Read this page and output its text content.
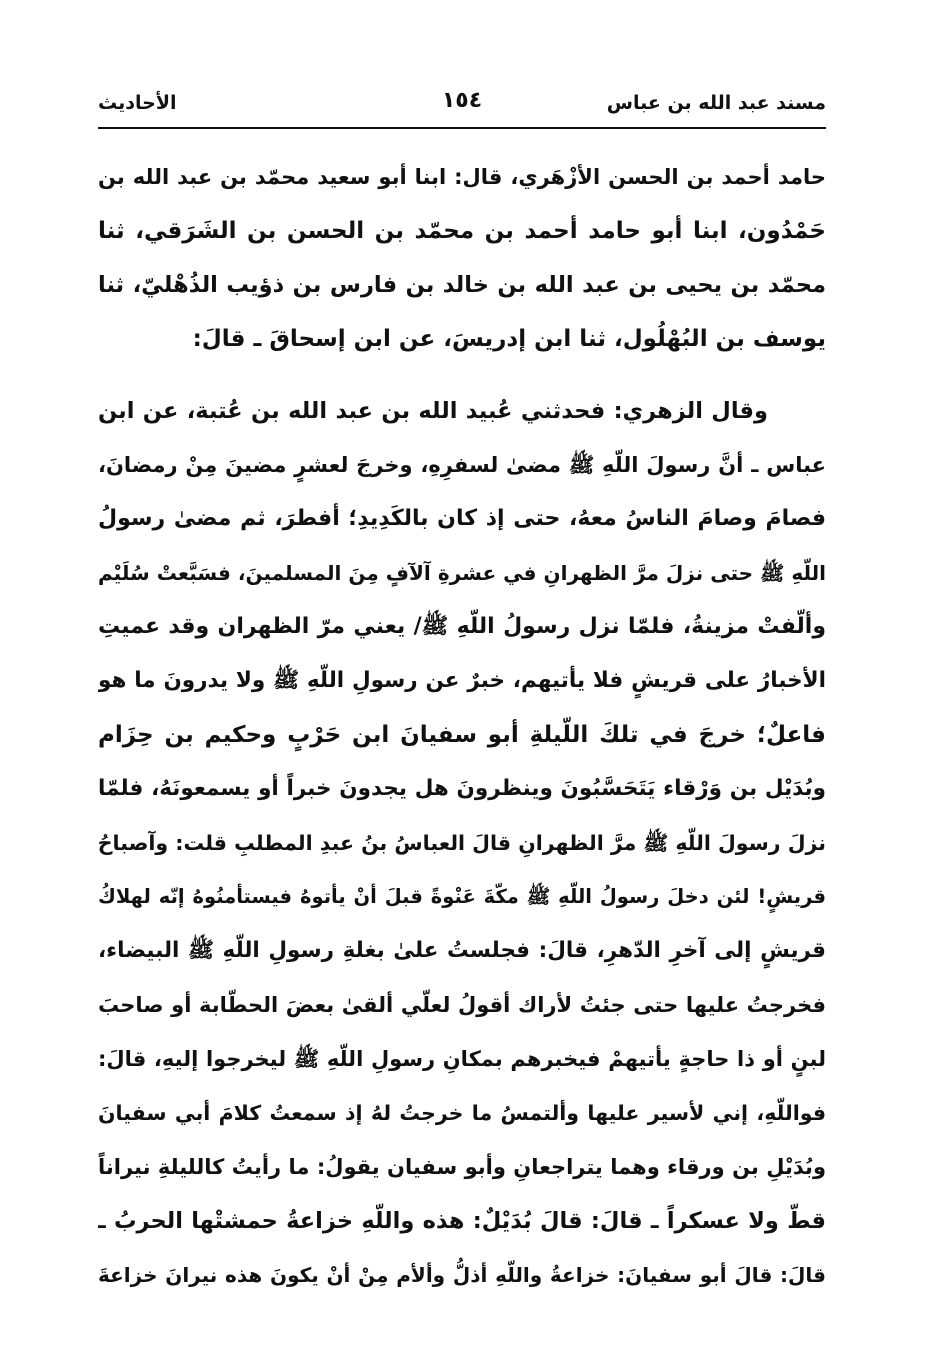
مسند عبد الله بن عباس
١٥٤
الأحاديث
حامد أحمد بن الحسن الأزْهَري، قال: ابنا أبو سعيد محمّد بن عبد الله بن
حَمْدُون، ابنا أبو حامد أحمد بن محمّد بن الحسن بن الشَرَقي، ثنا
محمّد بن يحيى بن عبد الله بن خالد بن فارس بن ذؤيب الذُهْليّ، ثنا
يوسف بن البُهْلُول، ثنا ابن إدريسَ، عن ابن إسحاقَ ـ قالَ:
وقال الزهري: فحدثني عُبيد الله بن عبد الله بن عُتبة، عن ابن
عباس ـ أنَّ رسولَ اللّهِ ﷺ مضىٰ لسفرِهِ، وخرجَ لعشرٍ مضينَ مِنْ رمضانَ،
فصامَ وصامَ الناسُ معهُ، حتى إذ كان بالكَدِيدِ؛ أفطرَ، ثم مضىٰ رسولُ
اللّهِ ﷺ حتى نزلَ مرَّ الظهرانِ في عشرةِ آلآفٍ مِنَ المسلمينَ، فسَبَّعتْ سُلَيْم
وألّفتْ مزينةُ، فلمّا نزل رسولُ اللّهِ ﷺ/ يعني مرّ الظهران وقد عميتِ
الأخبارُ على قريشٍ فلا يأتيهم، خبرٌ عن رسولِ اللّهِ ﷺ ولا يدرونَ ما هو
فاعلٌ؛ خرجَ في تلكَ اللّيلةِ أبو سفيانَ ابن حَرْبٍ وحكيم بن حِزَام
وبُدَيْل بن وَرْقاء يَتَحَسَّبُونَ وينظرونَ هل يجدونَ خبراً أو يسمعونَهُ، فلمّا
نزلَ رسولَ اللّهِ ﷺ مرَّ الظهرانِ قالَ العباسُ بنُ عبدِ المطلبِ قلت: وآصباحُ
قريشٍ! لئن دخلَ رسولُ اللّهِ ﷺ مكّةَ عَنْوةً قبلَ أنْ يأتوهُ فيستأمنُوهُ إنّه لهلاكُ
قريشٍ إلى آخرِ الدّهرِ، قالَ: فجلستُ علىٰ بغلةِ رسولِ اللّهِ ﷺ البيضاء،
فخرجتُ عليها حتى جئتُ لأراك أقولُ لعلّي ألقىٰ بعضَ الحطّابة أو صاحبَ
لبنٍ أو ذا حاجةٍ يأتيهمْ فيخبرهم بمكانِ رسولِ اللّهِ ﷺ ليخرجوا إليهِ، قالَ:
فواللّهِ، إني لأسير عليها وألتمسُ ما خرجتُ لهُ إذ سمعتُ كلامَ أبي سفيانَ
وبُدَيْلِ بن ورقاء وهما يتراجعانِ وأبو سفيان يقولُ: ما رأيتُ كالليلةِ نيراناً
قطّ ولا عسكراً ـ قالَ: قالَ بُدَيْلٌ: هذه واللّهِ خزاعةُ حمشتْها الحربُ ـ
قالَ: قالَ أبو سفيانَ: خزاعةُ واللّهِ أذلُّ وألأم مِنْ أنْ يكونَ هذه نيرانَ خزاعةَ
